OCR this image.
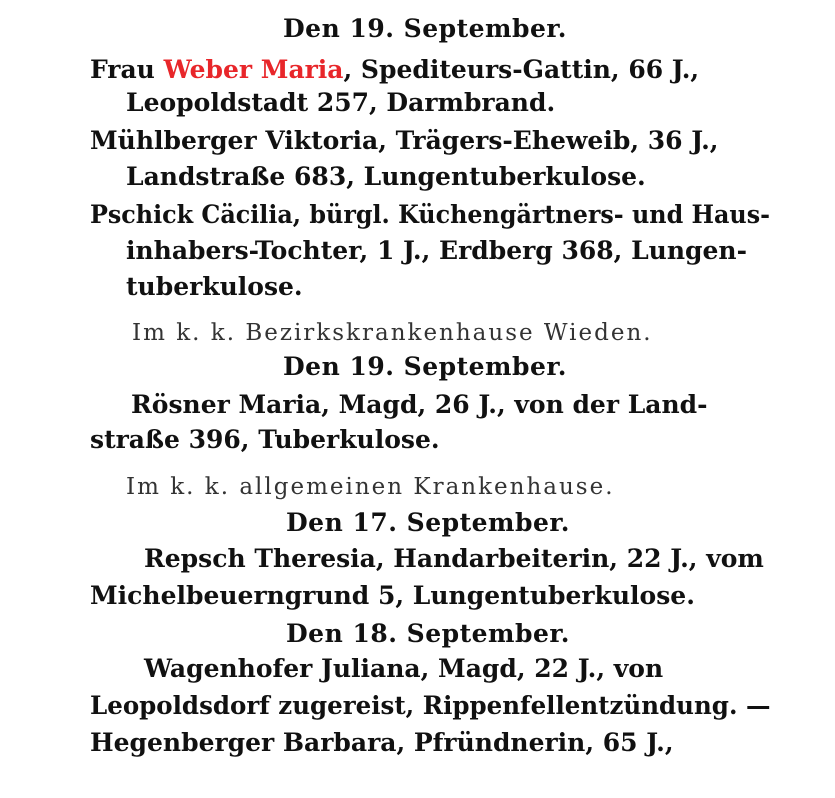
Den 19. September.
Frau Weber Maria, Spediteurs-Gattin, 66 J.,
Leopoldstadt 257, Darmbrand.
Mühlberger Viktoria, Trägers-Eheweib, 36 J.,
Landstraße 683, Lungentuberkulose.
Pschick Cäcilia, bürgl. Küchengärtners- und Haus-
inhabers-Tochter, 1 J., Erdberg 368, Lungen-
tuberkulose.
Im k. k. Bezirkskrankenhause Wieden.
Den 19. September.
Rösner Maria, Magd, 26 J., von der Land-
straße 396, Tuberkulose.
Im k. k. allgemeinen Krankenhause.
Den 17. September.
Repsch Theresia, Handarbeiterin, 22 J., vom
Michelbeuerngrund 5, Lungentuberkulose.
Den 18. September.
Wagenhofer Juliana, Magd, 22 J., von
Leopoldsdorf zugereist, Rippenfellentzündung. —
Hegenberger Barbara, Pfründnerin, 65 J.,
